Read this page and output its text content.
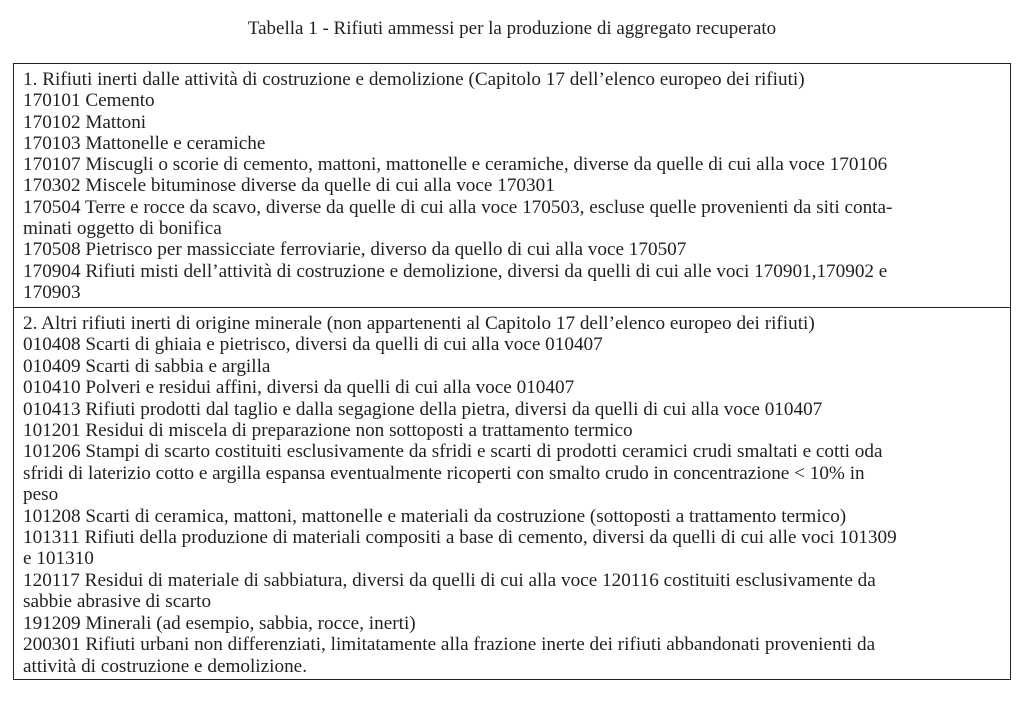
Tabella 1 - Rifiuti ammessi per la produzione di aggregato recuperato
1. Rifiuti inerti dalle attività di costruzione e demolizione (Capitolo 17 dell’elenco europeo dei rifiuti)
170101 Cemento
170102 Mattoni
170103 Mattonelle e ceramiche
170107 Miscugli o scorie di cemento, mattoni, mattonelle e ceramiche, diverse da quelle di cui alla voce 170106
170302 Miscele bituminose diverse da quelle di cui alla voce 170301
170504 Terre e rocce da scavo, diverse da quelle di cui alla voce 170503, escluse quelle provenienti da siti conta-
minati oggetto di bonifica
170508 Pietrisco per massicciate ferroviarie, diverso da quello di cui alla voce 170507
170904 Rifiuti misti dell’attività di costruzione e demolizione, diversi da quelli di cui alle voci 170901,170902 e
170903
2. Altri rifiuti inerti di origine minerale (non appartenenti al Capitolo 17 dell’elenco europeo dei rifiuti)
010408 Scarti di ghiaia e pietrisco, diversi da quelli di cui alla voce 010407
010409 Scarti di sabbia e argilla
010410 Polveri e residui affini, diversi da quelli di cui alla voce 010407
010413 Rifiuti prodotti dal taglio e dalla segagione della pietra, diversi da quelli di cui alla voce 010407
101201 Residui di miscela di preparazione non sottoposti a trattamento termico
101206 Stampi di scarto costituiti esclusivamente da sfridi e scarti di prodotti ceramici crudi smaltati e cotti oda
sfridi di laterizio cotto e argilla espansa eventualmente ricoperti con smalto crudo in concentrazione < 10% in
peso
101208 Scarti di ceramica, mattoni, mattonelle e materiali da costruzione (sottoposti a trattamento termico)
101311 Rifiuti della produzione di materiali compositi a base di cemento, diversi da quelli di cui alle voci 101309
e 101310
120117 Residui di materiale di sabbiatura, diversi da quelli di cui alla voce 120116 costituiti esclusivamente da
sabbie abrasive di scarto
191209 Minerali (ad esempio, sabbia, rocce, inerti)
200301 Rifiuti urbani non differenziati, limitatamente alla frazione inerte dei rifiuti abbandonati provenienti da
attività di costruzione e demolizione.
